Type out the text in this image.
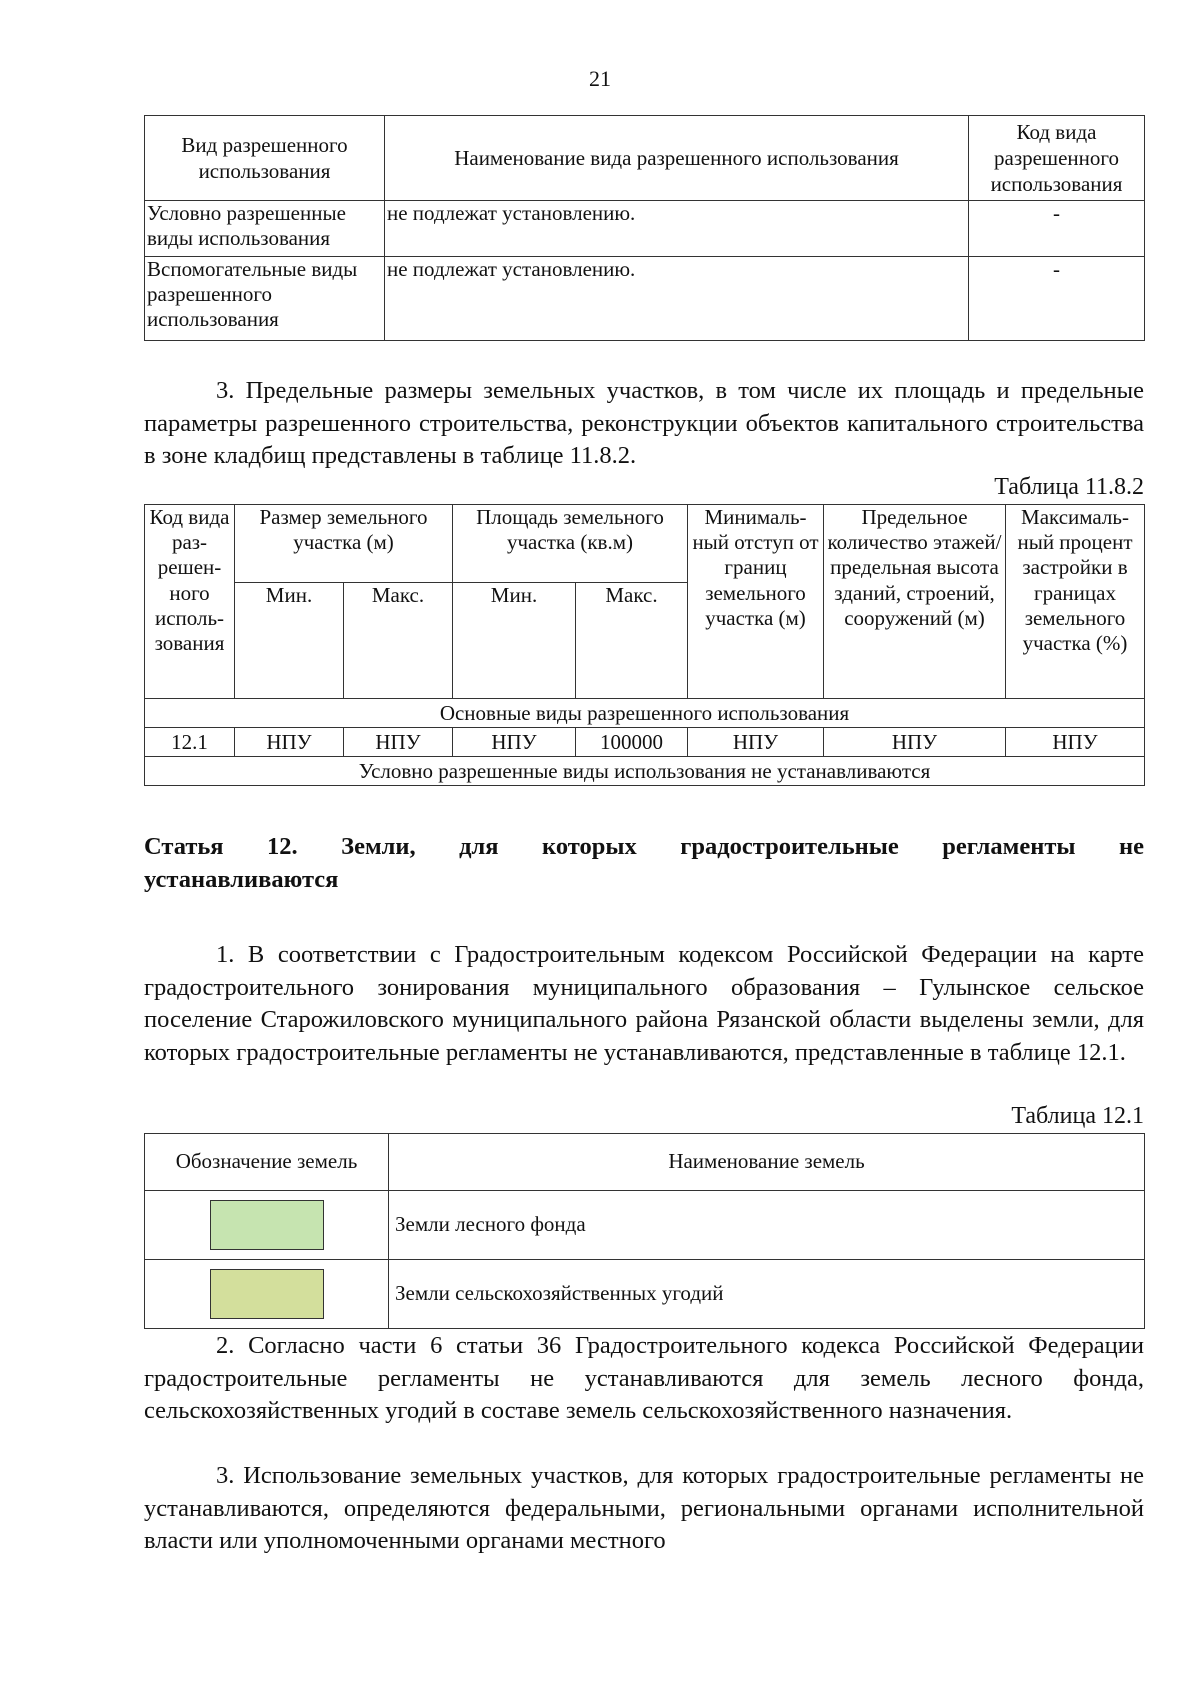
21
Вид разрешенного использования	Наименование вида разрешенного использования	Код вида разрешенного использования
Условно разрешенные виды использования	не подлежат установлению.	-
Вспомогательные виды разрешенного использования	не подлежат установлению.	-

3. Предельные размеры земельных участков, в том числе их площадь и предельные параметры разрешенного строительства, реконструкции объектов капитального строительства в зоне кладбищ представлены в таблице 11.8.2.

Таблица 11.8.2
Код вида раз-решен-ного исполь-зования	Размер земельного участка (м)		Площадь земельного участка (кв.м)		Минималь-ный отступ от границ земельного участка (м)	Предельное количество этажей/ предельная высота зданий, строений, сооружений (м)	Максималь-ный процент застройки в границах земельного участка (%)
	Мин.	Макс.	Мин.	Макс.			
Основные виды разрешенного использования							
12.1	НПУ	НПУ	НПУ	100000	НПУ	НПУ	НПУ
Условно разрешенные виды использования не устанавливаются							

Статья 12. Земли, для которых градостроительные регламенты не устанавливаются

1. В соответствии с Градостроительным кодексом Российской Федерации на карте градостроительного зонирования муниципального образования – Гулынское сельское поселение Старожиловского муниципального района Рязанской области выделены земли, для которых градостроительные регламенты не устанавливаются, представленные в таблице 12.1.

Таблица 12.1
Обозначение земель	Наименование земель

	Земли лесного фонда

	Земли сельскохозяйственных угодий

2. Согласно части 6 статьи 36 Градостроительного кодекса Российской Федерации градостроительные регламенты не устанавливаются для земель лесного фонда, сельскохозяйственных угодий в составе земель сельскохозяйственного назначения.

3. Использование земельных участков, для которых градостроительные регламенты не устанавливаются, определяются федеральными, региональными органами исполнительной власти или уполномоченными органами местного
